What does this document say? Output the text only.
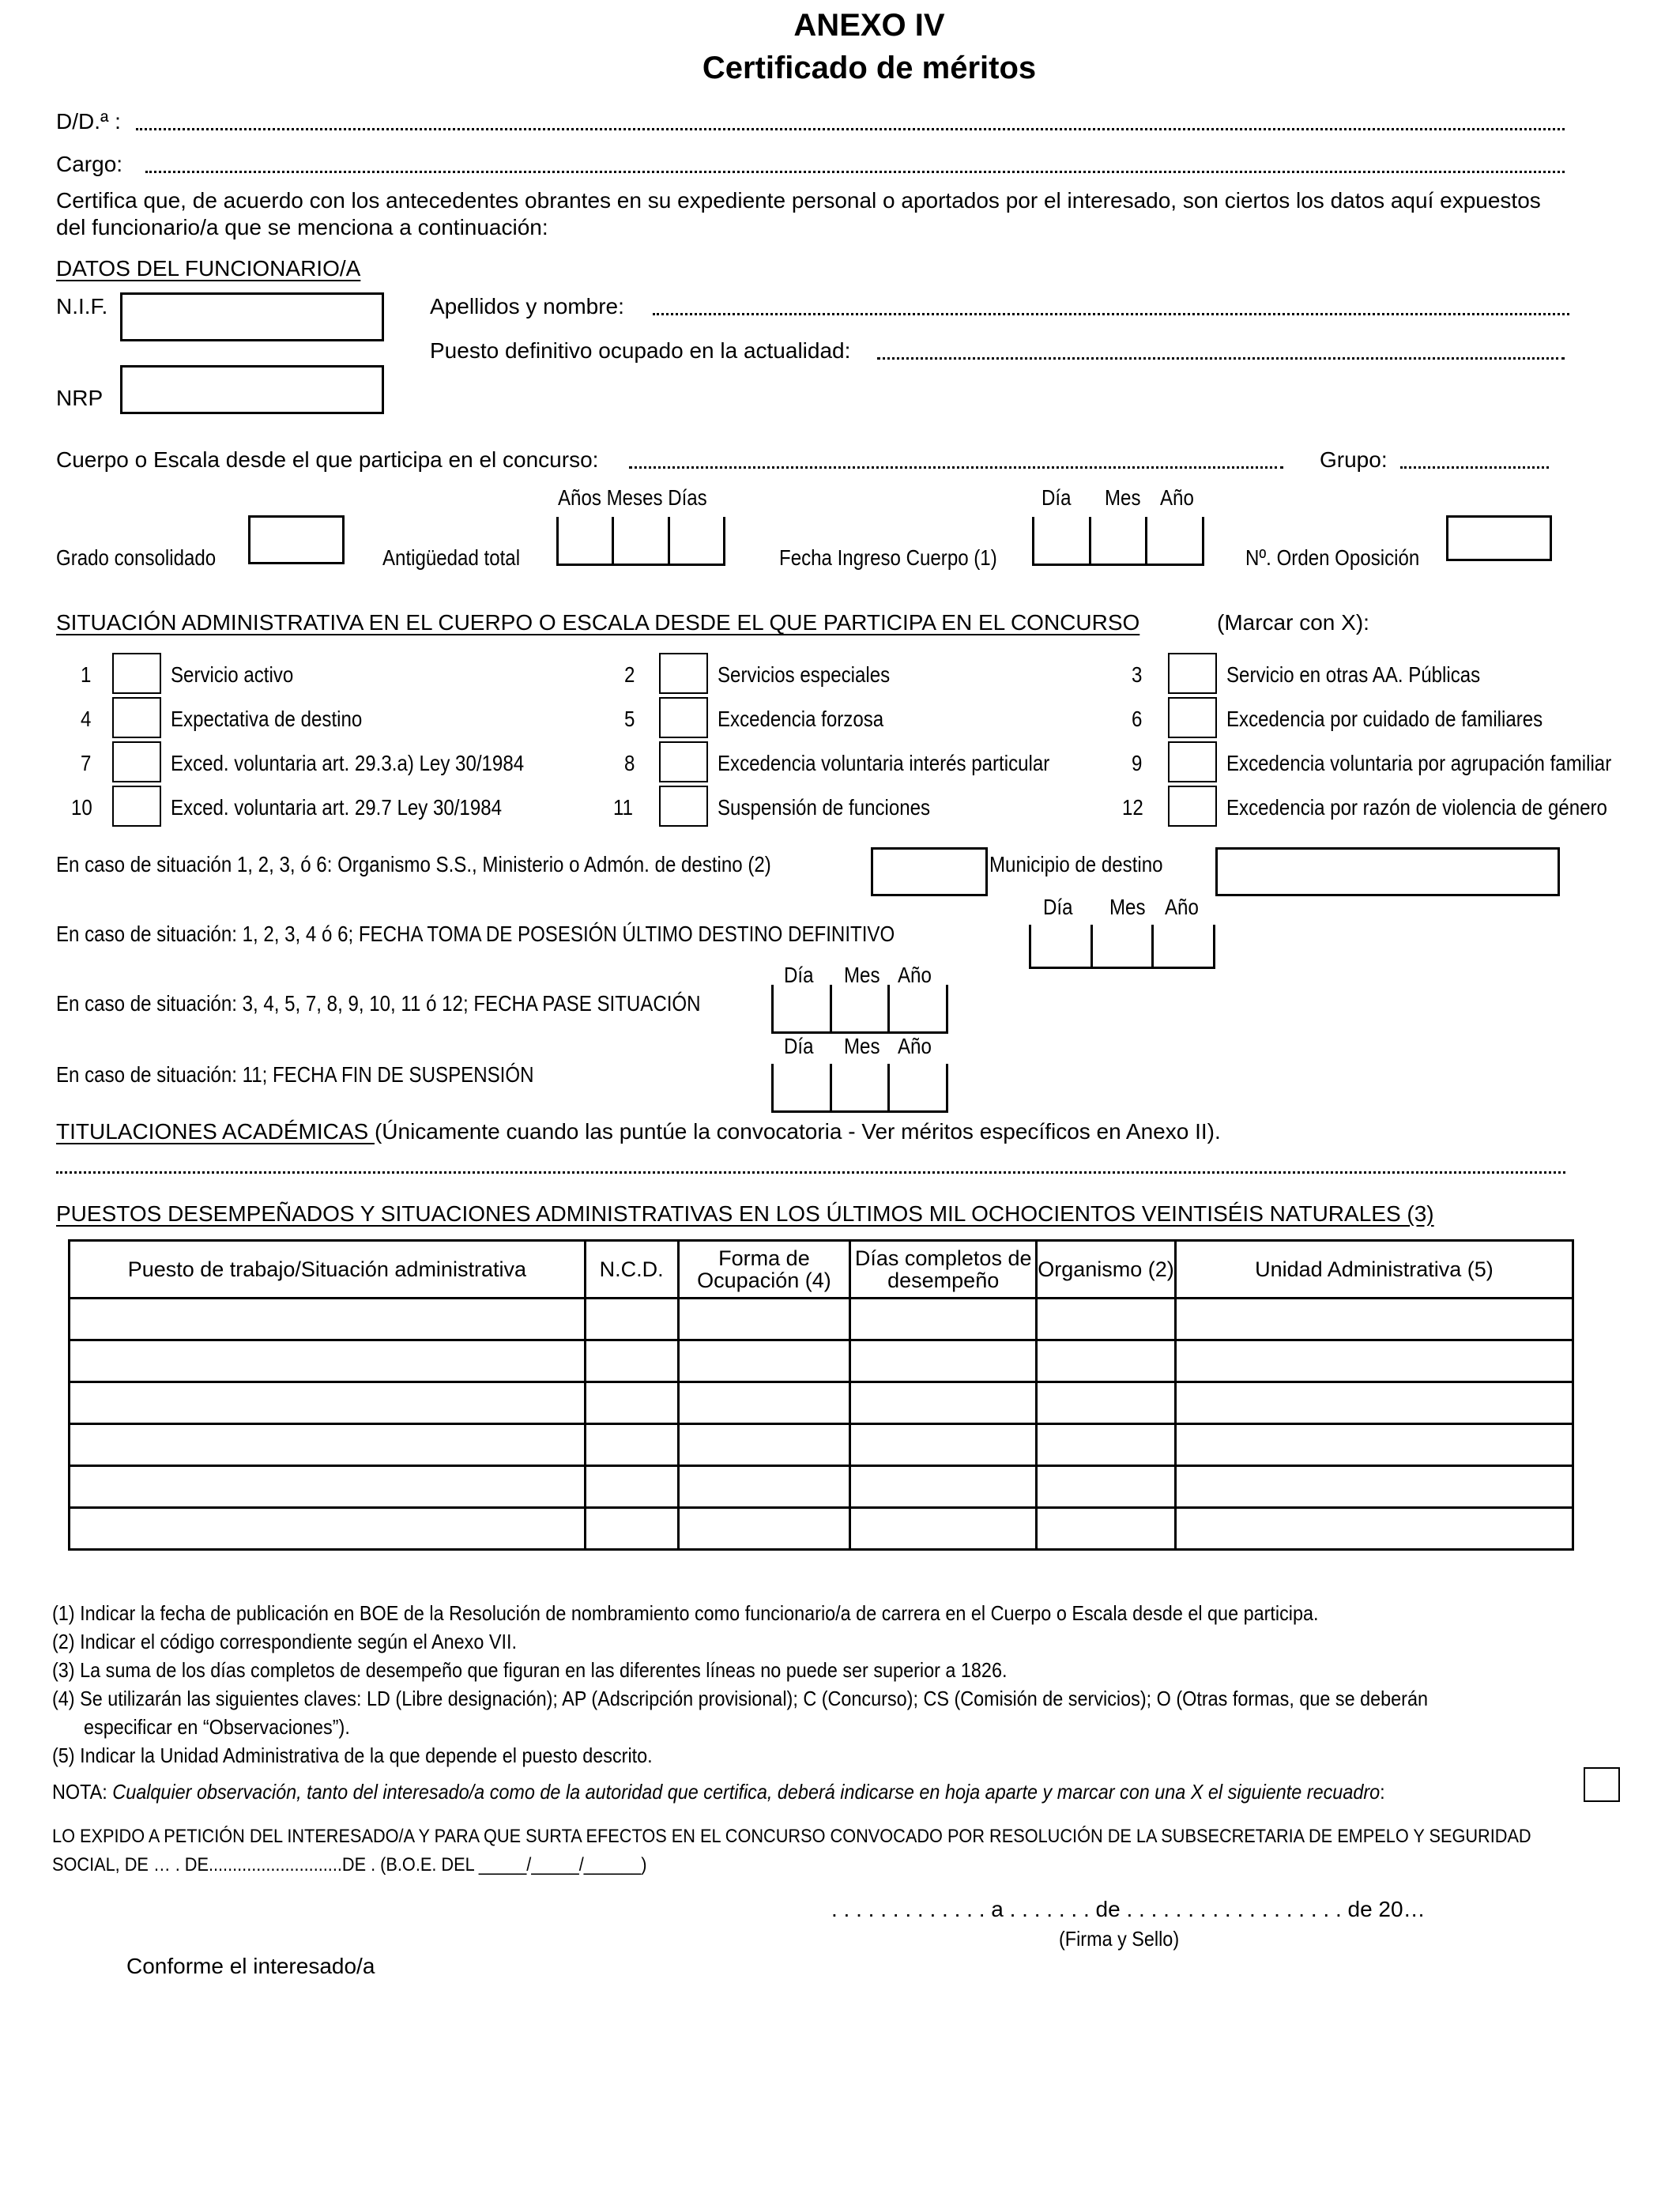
ANEXO IV
Certificado de méritos
D/D.ª :
Cargo:
Certifica que, de acuerdo con los antecedentes obrantes en su expediente personal o aportados por el interesado, son ciertos los datos aquí expuestos
del funcionario/a que se menciona a continuación:
DATOS DEL FUNCIONARIO/A
N.I.F.
NRP
Apellidos y nombre:
Puesto definitivo ocupado en la actualidad:
Cuerpo o Escala desde el que participa en el concurso:	Grupo:
Años Meses Días	Día Mes Año
Grado consolidado	Antigüedad total	Fecha Ingreso Cuerpo (1)	Nº. Orden Oposición
SITUACIÓN ADMINISTRATIVA EN EL CUERPO O ESCALA DESDE EL QUE PARTICIPA EN EL CONCURSO	(Marcar con X):
1	Servicio activo	2	Servicios especiales	3	Servicio en otras AA. Públicas
4	Expectativa de destino	5	Excedencia forzosa	6	Excedencia por cuidado de familiares
7	Exced. voluntaria art. 29.3.a) Ley 30/1984	8	Excedencia voluntaria interés particular	9	Excedencia voluntaria por agrupación familiar
10	Exced. voluntaria art. 29.7 Ley 30/1984	11	Suspensión de funciones	12	Excedencia por razón de violencia de género
En caso de situación 1, 2, 3, ó 6: Organismo S.S., Ministerio o Admón. de destino (2)	Municipio de destino
Día Mes Año
En caso de situación: 1, 2, 3, 4 ó 6; FECHA TOMA DE POSESIÓN ÚLTIMO DESTINO DEFINITIVO
Día Mes Año
En caso de situación: 3, 4, 5, 7, 8, 9, 10, 11 ó 12; FECHA PASE SITUACIÓN
Día Mes Año
En caso de situación: 11; FECHA FIN DE SUSPENSIÓN
TITULACIONES ACADÉMICAS (Únicamente cuando las puntúe la convocatoria - Ver méritos específicos en Anexo II).
PUESTOS DESEMPEÑADOS Y SITUACIONES ADMINISTRATIVAS EN LOS ÚLTIMOS MIL OCHOCIENTOS VEINTISÉIS NATURALES (3)
Puesto de trabajo/Situación administrativa	N.C.D.	Forma de Ocupación (4)	Días completos de desempeño	Organismo (2)	Unidad Administrativa (5)

(1) Indicar la fecha de publicación en BOE de la Resolución de nombramiento como funcionario/a de carrera en el Cuerpo o Escala desde el que participa.
(2) Indicar el código correspondiente según el Anexo VII.
(3) La suma de los días completos de desempeño que figuran en las diferentes líneas no puede ser superior a 1826.
(4) Se utilizarán las siguientes claves: LD (Libre designación); AP (Adscripción provisional); C (Concurso); CS (Comisión de servicios); O (Otras formas, que se deberán
especificar en “Observaciones”).
(5) Indicar la Unidad Administrativa de la que depende el puesto descrito.
NOTA: Cualquier observación, tanto del interesado/a como de la autoridad que certifica, deberá indicarse en hoja aparte y marcar con una X el siguiente recuadro:
LO EXPIDO A PETICIÓN DEL INTERESADO/A Y PARA QUE SURTA EFECTOS EN EL CONCURSO CONVOCADO POR RESOLUCIÓN DE LA SUBSECRETARIA DE EMPELO Y SEGURIDAD
SOCIAL, DE … . DE............................DE . (B.O.E. DEL _____/_____/______)
. . . . . . . . . . . . . a . . . . . . . de . . . . . . . . . . . . . . . . . . de 20…
(Firma y Sello)
Conforme el interesado/a
